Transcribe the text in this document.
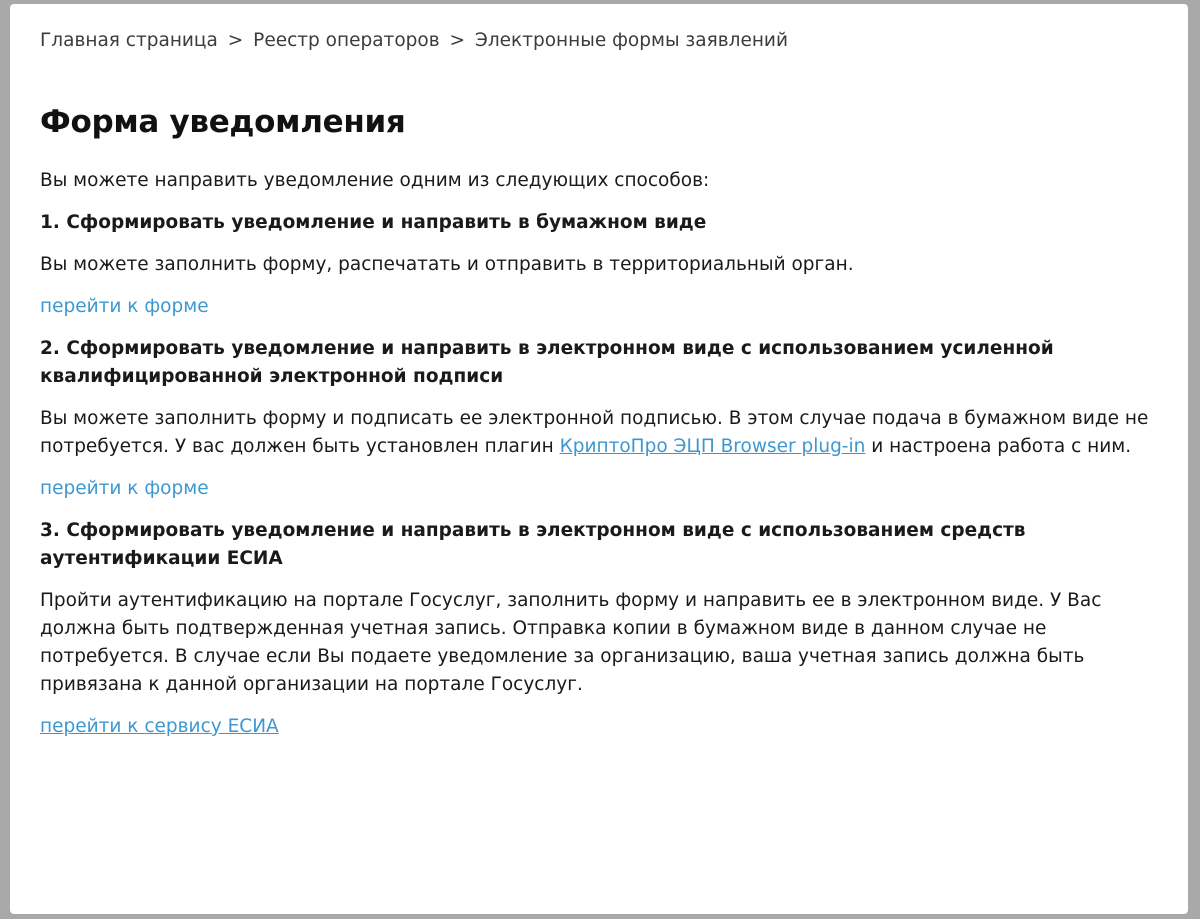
Главная страница > Реестр операторов > Электронные формы заявлений
Форма уведомления

Вы можете направить уведомление одним из следующих способов:

1. Сформировать уведомление и направить в бумажном виде

Вы можете заполнить форму, распечатать и отправить в территориальный орган.

перейти к форме

2. Сформировать уведомление и направить в электронном виде с использованием усиленной квалифицированной электронной подписи

Вы можете заполнить форму и подписать ее электронной подписью. В этом случае подача в бумажном виде не потребуется. У вас должен быть установлен плагин КриптоПро ЭЦП Browser plug-in и настроена работа с ним.

перейти к форме

3. Сформировать уведомление и направить в электронном виде с использованием средств аутентификации ЕСИА

Пройти аутентификацию на портале Госуслуг, заполнить форму и направить ее в электронном виде. У Вас должна быть подтвержденная учетная запись. Отправка копии в бумажном виде в данном случае не потребуется. В случае если Вы подаете уведомление за организацию, ваша учетная запись должна быть привязана к данной организации на портале Госуслуг.

перейти к сервису ЕСИА
